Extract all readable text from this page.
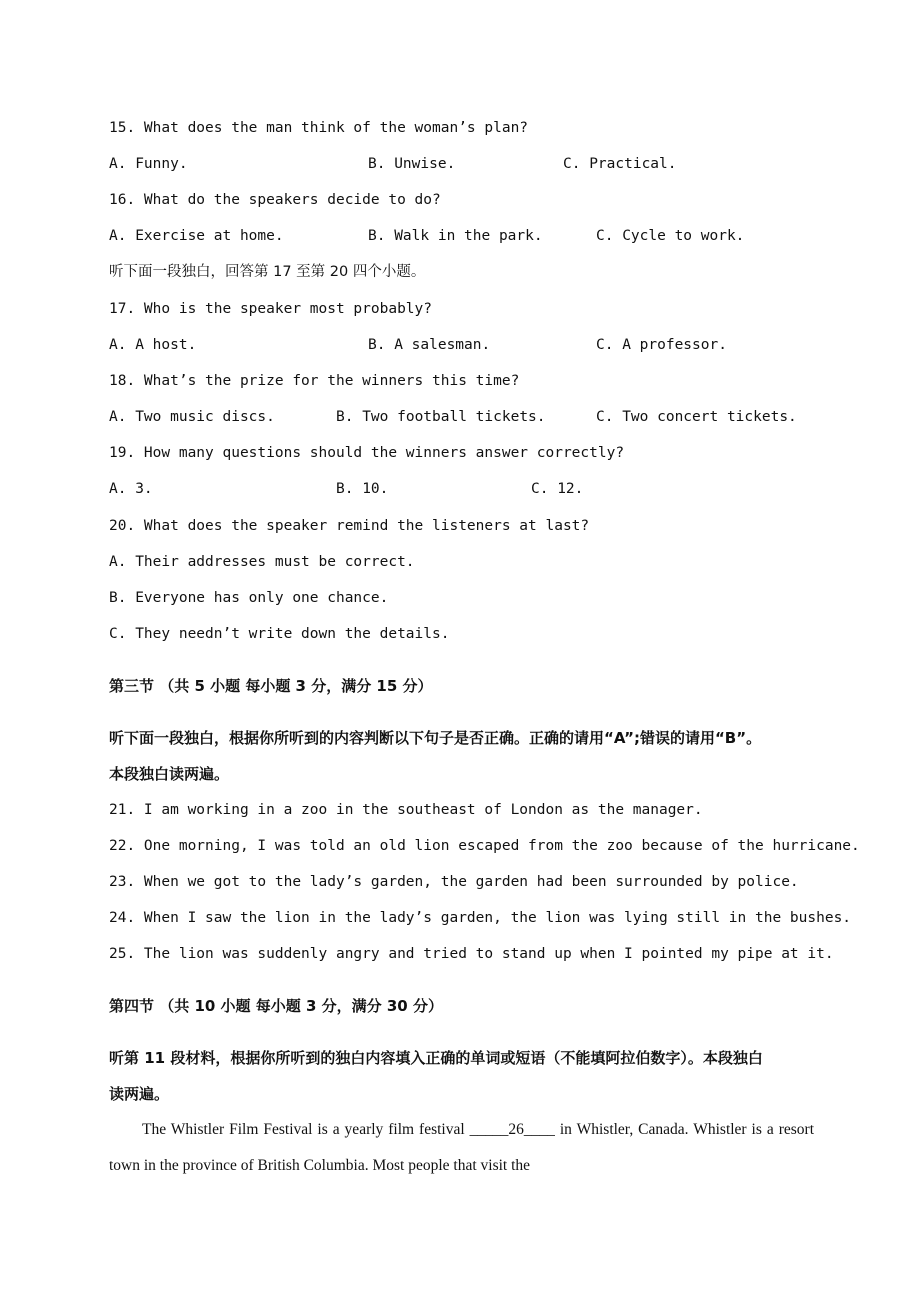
15. What does the man think of the woman’s plan?
A. Funny.	B. Unwise.	C. Practical.
16. What do the speakers decide to do?
A. Exercise at home.	B. Walk in the park.	C. Cycle to work.
听下面一段独白，回答第 17 至第 20 四个小题。
17. Who is the speaker most probably?
A. A host.	B. A salesman.	C. A professor.
18. What’s the prize for the winners this time?
A. Two music discs.	B. Two football tickets.	C. Two concert tickets.
19. How many questions should the winners answer correctly?
A. 3.	B. 10.	C. 12.
20. What does the speaker remind the listeners at last?
A. Their addresses must be correct.
B. Everyone has only one chance.
C. They needn’t write down the details.
第三节 （共 5 小题 每小题 3 分，满分 15 分）
听下面一段独白，根据你所听到的内容判断以下句子是否正确。正确的请用“A”;错误的请用“B”。
本段独白读两遍。
21. I am working in a zoo in the southeast of London as the manager.
22. One morning, I was told an old lion escaped from the zoo because of the hurricane.
23. When we got to the lady’s garden, the garden had been surrounded by police.
24. When I saw the lion in the lady’s garden, the lion was lying still in the bushes.
25. The lion was suddenly angry and tried to stand up when I pointed my pipe at it.
第四节 （共 10 小题 每小题 3 分，满分 30 分）
听第 11 段材料，根据你所听到的独白内容填入正确的单词或短语（不能填阿拉伯数字）。本段独白
读两遍。
The Whistler Film Festival is a yearly film festival _____26____ in Whistler, Canada. Whistler is a resort town in the province of British Columbia. Most people that visit the
